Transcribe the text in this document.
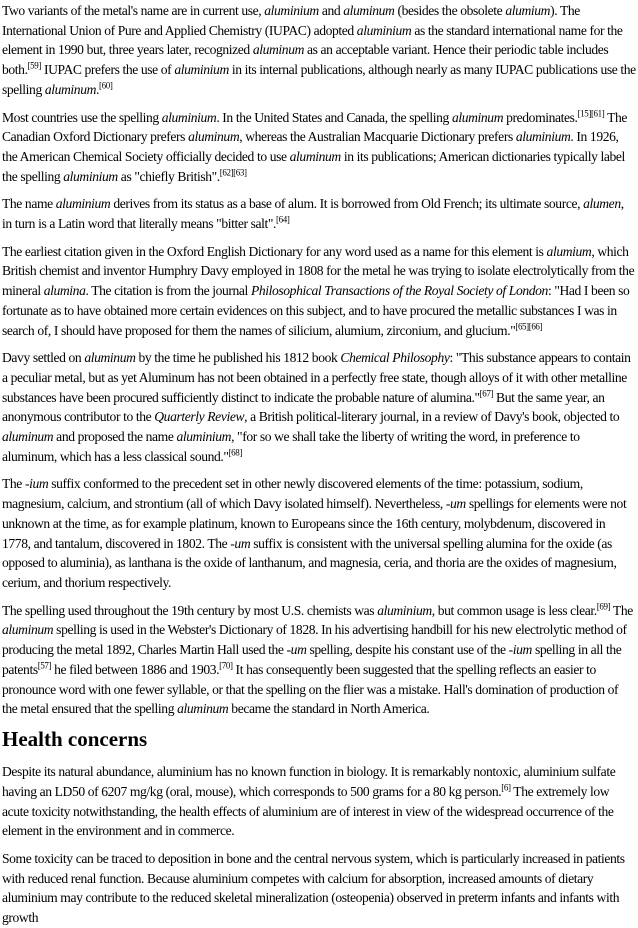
Two variants of the metal's name are in current use, aluminium and aluminum (besides the obsolete alumium). The International Union of Pure and Applied Chemistry (IUPAC) adopted aluminium as the standard international name for the element in 1990 but, three years later, recognized aluminum as an acceptable variant. Hence their periodic table includes both.[59] IUPAC prefers the use of aluminium in its internal publications, although nearly as many IUPAC publications use the spelling aluminum.[60]

Most countries use the spelling aluminium. In the United States and Canada, the spelling aluminum predominates.[15][61] The Canadian Oxford Dictionary prefers aluminum, whereas the Australian Macquarie Dictionary prefers aluminium. In 1926, the American Chemical Society officially decided to use aluminum in its publications; American dictionaries typically label the spelling aluminium as "chiefly British".[62][63]

The name aluminium derives from its status as a base of alum. It is borrowed from Old French; its ultimate source, alumen, in turn is a Latin word that literally means "bitter salt".[64]

The earliest citation given in the Oxford English Dictionary for any word used as a name for this element is alumium, which British chemist and inventor Humphry Davy employed in 1808 for the metal he was trying to isolate electrolytically from the mineral alumina. The citation is from the journal Philosophical Transactions of the Royal Society of London: "Had I been so fortunate as to have obtained more certain evidences on this subject, and to have procured the metallic substances I was in search of, I should have proposed for them the names of silicium, alumium, zirconium, and glucium."[65][66]

Davy settled on aluminum by the time he published his 1812 book Chemical Philosophy: "This substance appears to contain a peculiar metal, but as yet Aluminum has not been obtained in a perfectly free state, though alloys of it with other metalline substances have been procured sufficiently distinct to indicate the probable nature of alumina."[67] But the same year, an anonymous contributor to the Quarterly Review, a British political-literary journal, in a review of Davy's book, objected to aluminum and proposed the name aluminium, "for so we shall take the liberty of writing the word, in preference to aluminum, which has a less classical sound."[68]

The -ium suffix conformed to the precedent set in other newly discovered elements of the time: potassium, sodium, magnesium, calcium, and strontium (all of which Davy isolated himself). Nevertheless, -um spellings for elements were not unknown at the time, as for example platinum, known to Europeans since the 16th century, molybdenum, discovered in 1778, and tantalum, discovered in 1802. The -um suffix is consistent with the universal spelling alumina for the oxide (as opposed to aluminia), as lanthana is the oxide of lanthanum, and magnesia, ceria, and thoria are the oxides of magnesium, cerium, and thorium respectively.

The spelling used throughout the 19th century by most U.S. chemists was aluminium, but common usage is less clear.[69] The aluminum spelling is used in the Webster's Dictionary of 1828. In his advertising handbill for his new electrolytic method of producing the metal 1892, Charles Martin Hall used the -um spelling, despite his constant use of the -ium spelling in all the patents[57] he filed between 1886 and 1903.[70] It has consequently been suggested that the spelling reflects an easier to pronounce word with one fewer syllable, or that the spelling on the flier was a mistake. Hall's domination of production of the metal ensured that the spelling aluminum became the standard in North America.

Health concerns

Despite its natural abundance, aluminium has no known function in biology. It is remarkably nontoxic, aluminium sulfate having an LD50 of 6207 mg/kg (oral, mouse), which corresponds to 500 grams for a 80 kg person.[6] The extremely low acute toxicity notwithstanding, the health effects of aluminium are of interest in view of the widespread occurrence of the element in the environment and in commerce.

Some toxicity can be traced to deposition in bone and the central nervous system, which is particularly increased in patients with reduced renal function. Because aluminium competes with calcium for absorption, increased amounts of dietary aluminium may contribute to the reduced skeletal mineralization (osteopenia) observed in preterm infants and infants with growth
